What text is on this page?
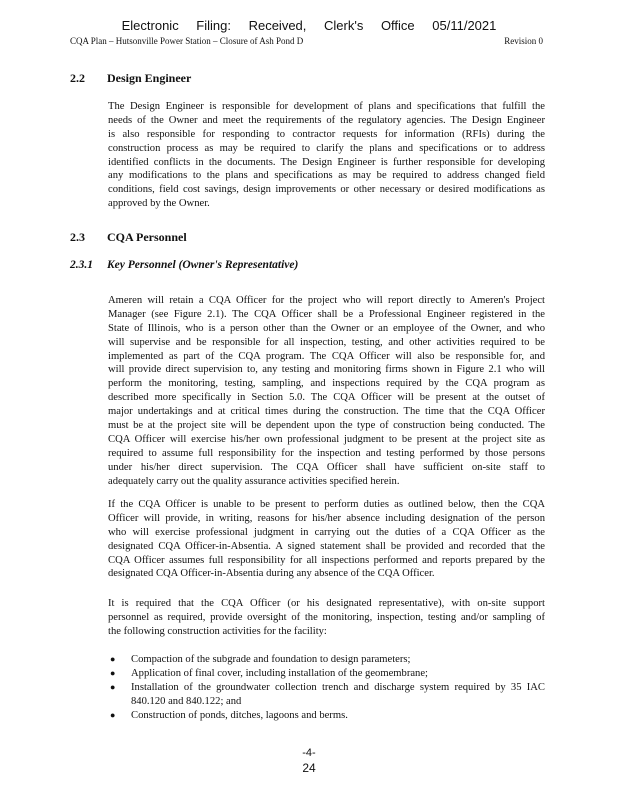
Electronic Filing: Received, Clerk's Office 05/11/2021
CQA Plan – Hutsonville Power Station – Closure of Ash Pond D	Revision 0
2.2 Design Engineer
The Design Engineer is responsible for development of plans and specifications that fulfill the
needs of the Owner and meet the requirements of the regulatory agencies. The Design Engineer
is also responsible for responding to contractor requests for information (RFIs) during the
construction process as may be required to clarify the plans and specifications or to address
identified conflicts in the documents. The Design Engineer is further responsible for developing
any modifications to the plans and specifications as may be required to address changed field
conditions, field cost savings, design improvements or other necessary or desired modifications as
approved by the Owner.
2.3 CQA Personnel
2.3.1 Key Personnel (Owner's Representative)
Ameren will retain a CQA Officer for the project who will report directly to Ameren's Project
Manager (see Figure 2.1). The CQA Officer shall be a Professional Engineer registered in the
State of Illinois, who is a person other than the Owner or an employee of the Owner, and who
will supervise and be responsible for all inspection, testing, and other activities required to be
implemented as part of the CQA program. The CQA Officer will also be responsible for, and
will provide direct supervision to, any testing and monitoring firms shown in Figure 2.1 who will
perform the monitoring, testing, sampling, and inspections required by the CQA program as
described more specifically in Section 5.0. The CQA Officer will be present at the outset of
major undertakings and at critical times during the construction. The time that the CQA Officer
must be at the project site will be dependent upon the type of construction being conducted. The
CQA Officer will exercise his/her own professional judgment to be present at the project site as
required to assume full responsibility for the inspection and testing performed by those persons
under his/her direct supervision. The CQA Officer shall have sufficient on-site staff to
adequately carry out the quality assurance activities specified herein.
If the CQA Officer is unable to be present to perform duties as outlined below, then the CQA
Officer will provide, in writing, reasons for his/her absence including designation of the person
who will exercise professional judgment in carrying out the duties of a CQA Officer as the
designated CQA Officer-in-Absentia. A signed statement shall be provided and recorded that the
CQA Officer assumes full responsibility for all inspections performed and reports prepared by the
designated CQA Officer-in-Absentia during any absence of the CQA Officer.
It is required that the CQA Officer (or his designated representative), with on-site support
personnel as required, provide oversight of the monitoring, inspection, testing and/or sampling of
the following construction activities for the facility:
● Compaction of the subgrade and foundation to design parameters;
● Application of final cover, including installation of the geomembrane;
● Installation of the groundwater collection trench and discharge system required by 35 IAC
840.120 and 840.122; and
● Construction of ponds, ditches, lagoons and berms.
-4-
24
